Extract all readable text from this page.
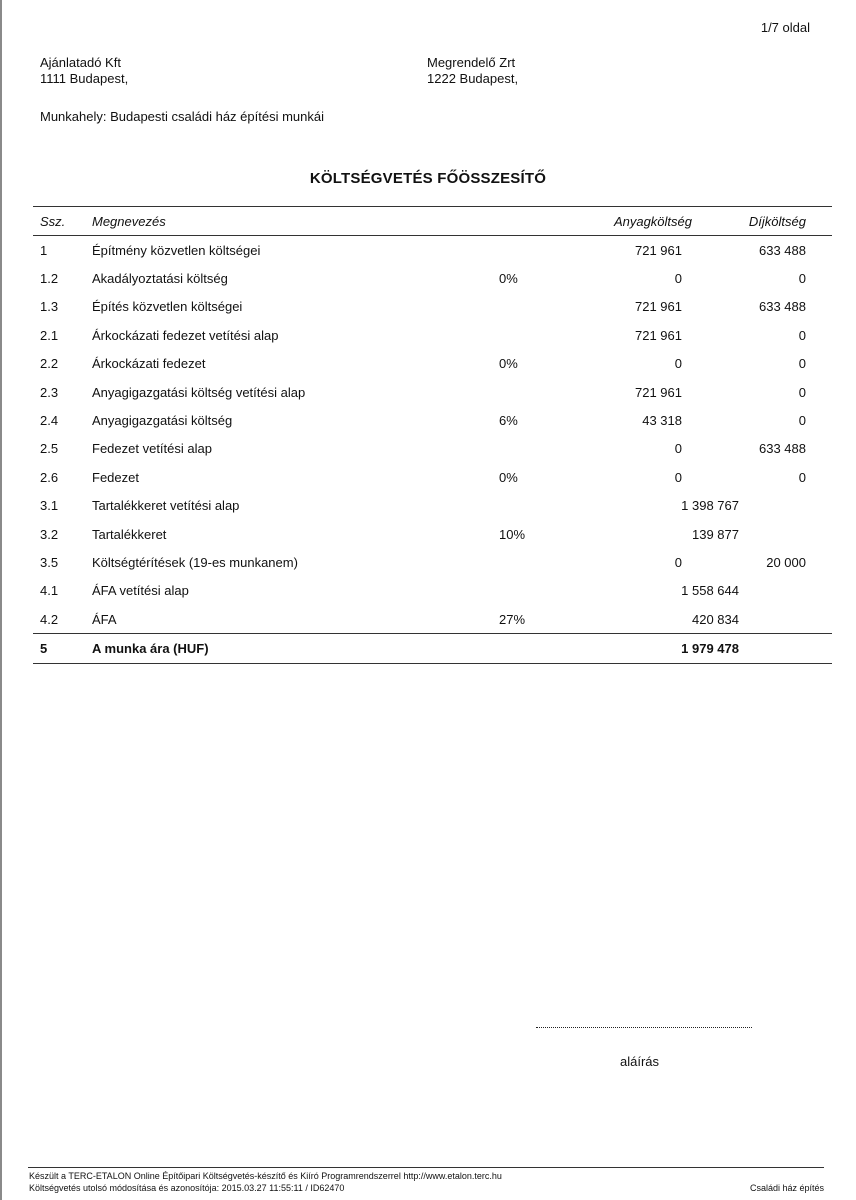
1/7 oldal
Ajánlatadó Kft
1111 Budapest,
Megrendelő Zrt
1222 Budapest,
Munkahely: Budapesti családi ház építési munkái
KÖLTSÉGVETÉS FŐÖSSZESÍTŐ
Ssz. Megnevezés	Anyagköltség	Díjköltség
1	Építmény közvetlen költségei	721 961	633 488
1.2	Akadályoztatási költség	0%	0	0
1.3	Építés közvetlen költségei	721 961	633 488
2.1	Árkockázati fedezet vetítési alap	721 961	0
2.2	Árkockázati fedezet	0%	0	0
2.3	Anyagigazgatási költség vetítési alap	721 961	0
2.4	Anyagigazgatási költség	6%	43 318	0
2.5	Fedezet vetítési alap	0	633 488
2.6	Fedezet	0%	0	0
3.1	Tartalékkeret vetítési alap	1 398 767
3.2	Tartalékkeret	10%	139 877
3.5	Költségtérítések (19-es munkanem)	0	20 000
4.1	ÁFA vetítési alap	1 558 644
4.2	ÁFA	27%	420 834
5	A munka ára (HUF)	1 979 478
aláírás
Készült a TERC-ETALON Online Építőipari Költségvetés-készítő és Kiíró Programrendszerrel http://www.etalon.terc.hu
Költségvetés utolsó módosítása és azonosítója: 2015.03.27 11:55:11 / ID62470	Családi ház építés
